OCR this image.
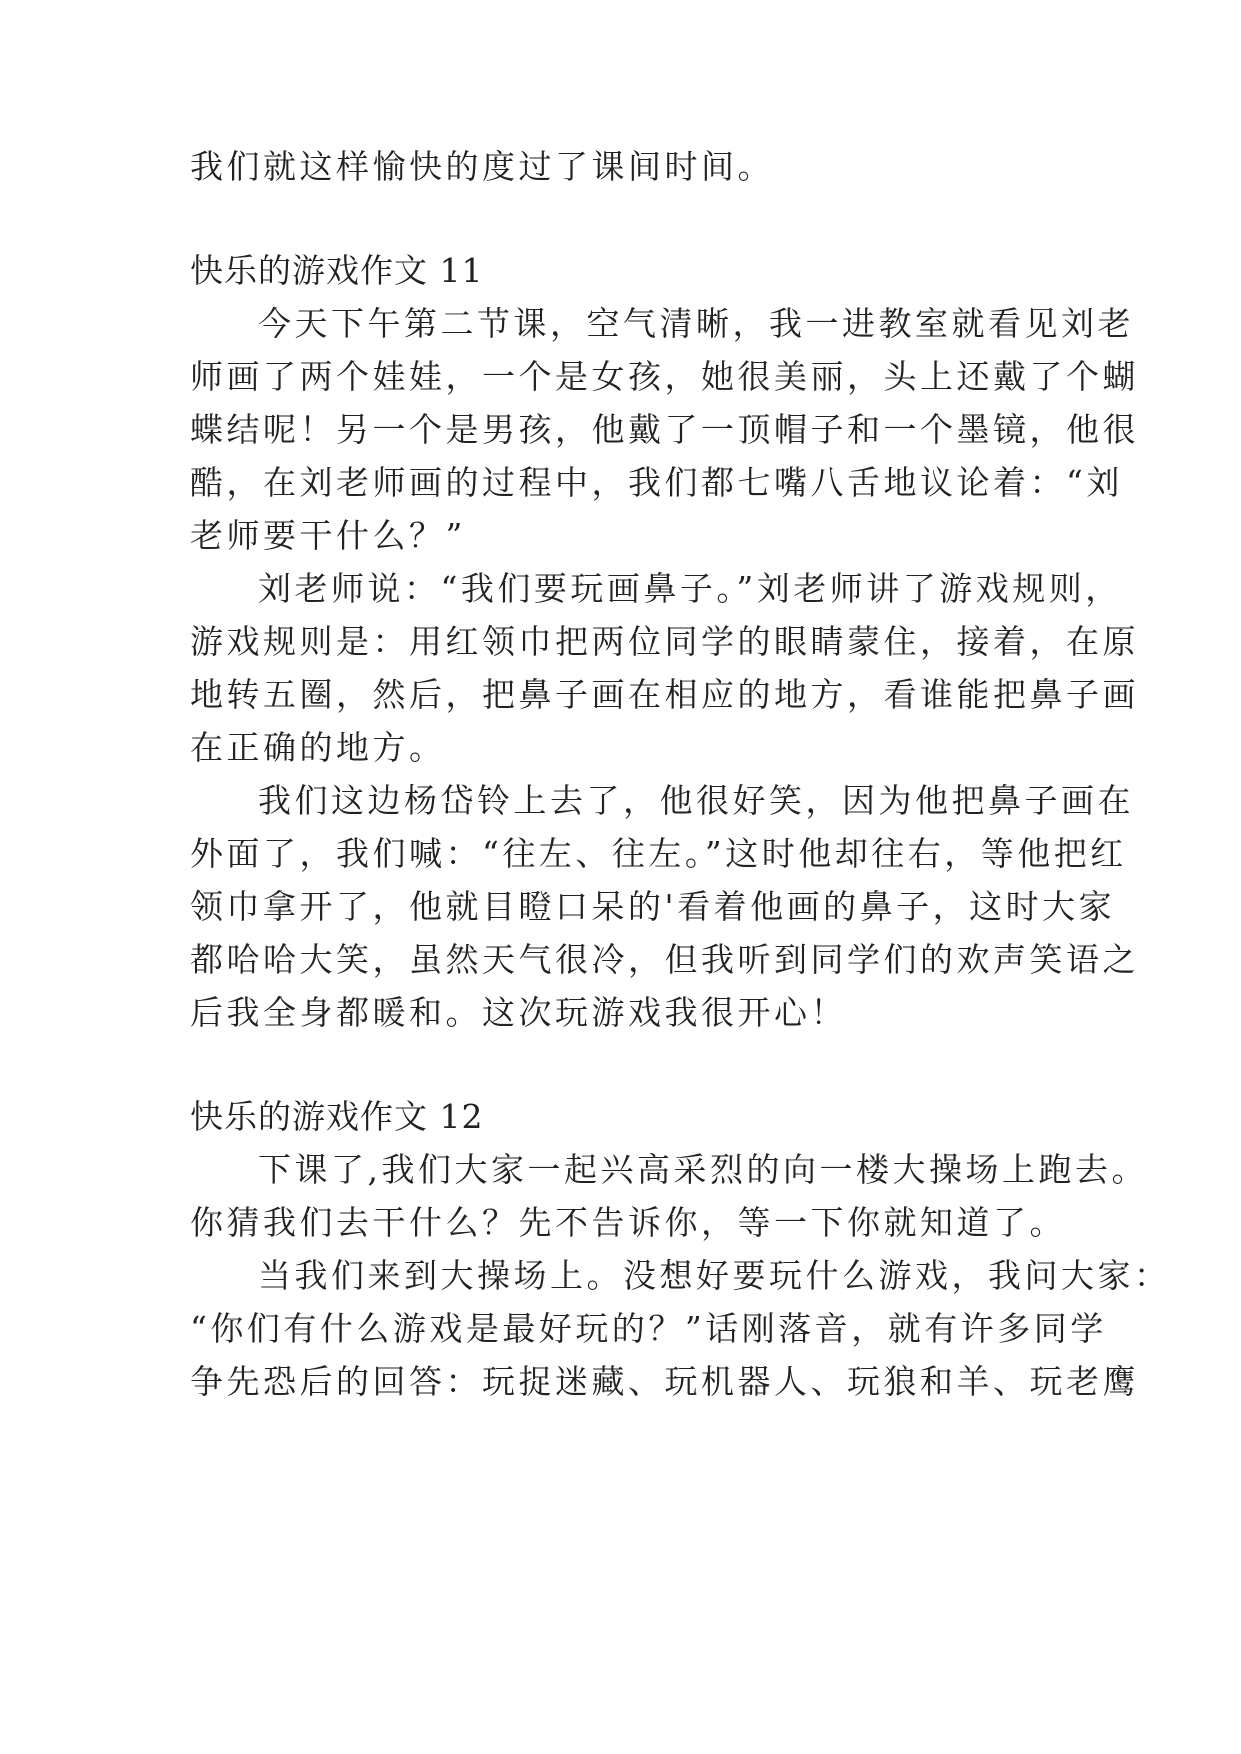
我们就这样愉快的度过了课间时间。
快乐的游戏作文 11
今天下午第二节课，空气清晰，我一进教室就看见刘老
师画了两个娃娃，一个是女孩，她很美丽，头上还戴了个蝴
蝶结呢！另一个是男孩，他戴了一顶帽子和一个墨镜，他很
酷，在刘老师画的过程中，我们都七嘴八舌地议论着：“刘
老师要干什么？”
刘老师说：“我们要玩画鼻子。”刘老师讲了游戏规则，
游戏规则是：用红领巾把两位同学的眼睛蒙住，接着，在原
地转五圈，然后，把鼻子画在相应的地方，看谁能把鼻子画
在正确的地方。
我们这边杨岱铃上去了，他很好笑，因为他把鼻子画在
外面了，我们喊：“往左、往左。”这时他却往右，等他把红
领巾拿开了，他就目瞪口呆的'看着他画的鼻子，这时大家
都哈哈大笑，虽然天气很冷，但我听到同学们的欢声笑语之
后我全身都暖和。这次玩游戏我很开心！
快乐的游戏作文 12
下课了,我们大家一起兴高采烈的向一楼大操场上跑去。
你猜我们去干什么？先不告诉你，等一下你就知道了。
当我们来到大操场上。没想好要玩什么游戏，我问大家：
“你们有什么游戏是最好玩的？”话刚落音，就有许多同学
争先恐后的回答：玩捉迷藏、玩机器人、玩狼和羊、玩老鹰
